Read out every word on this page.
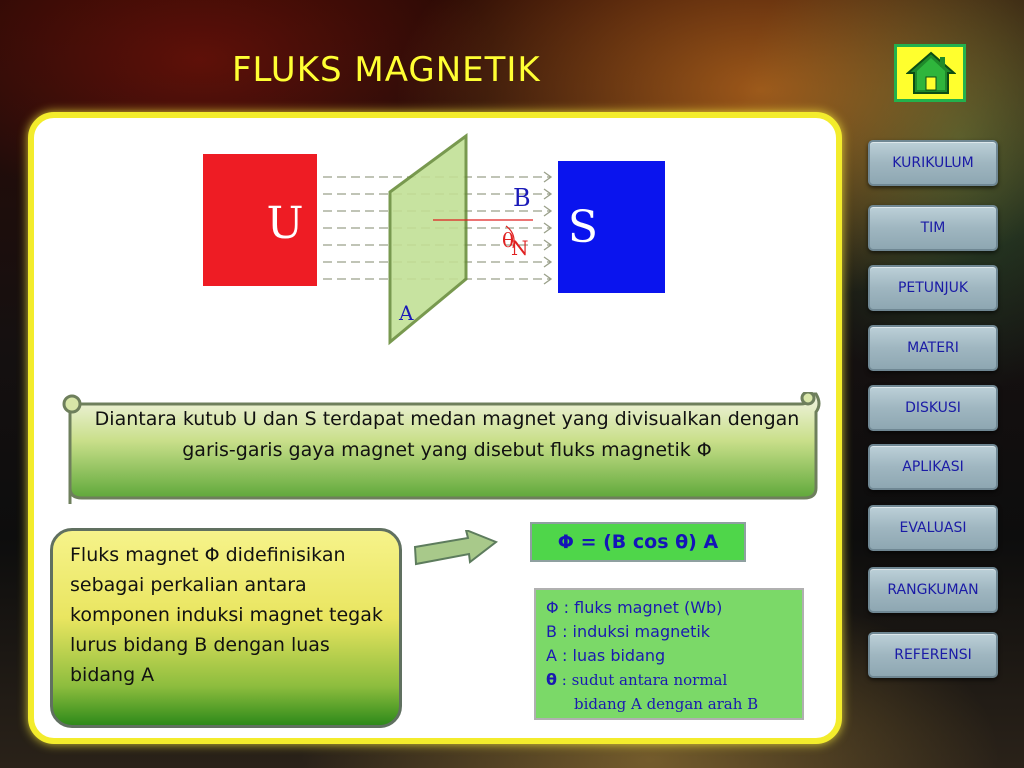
FLUKS MAGNETIK
KURIKULUM
TIM
PETUNJUK
MATERI
DISKUSI
APLIKASI
EVALUASI
RANGKUMAN
REFERENSI
U	S
B
θ
N
A
Diantara kutub U dan S terdapat medan magnet yang divisualkan dengan garis-garis gaya magnet yang disebut fluks magnetik Φ
Fluks magnet Φ didefinisikan sebagai perkalian antara komponen induksi magnet tegak lurus bidang B dengan luas bidang A
Φ = (B cos θ) A
Φ : fluks magnet (Wb)
B : induksi magnetik
A : luas bidang
θ : sudut antara normal
bidang A dengan arah B
